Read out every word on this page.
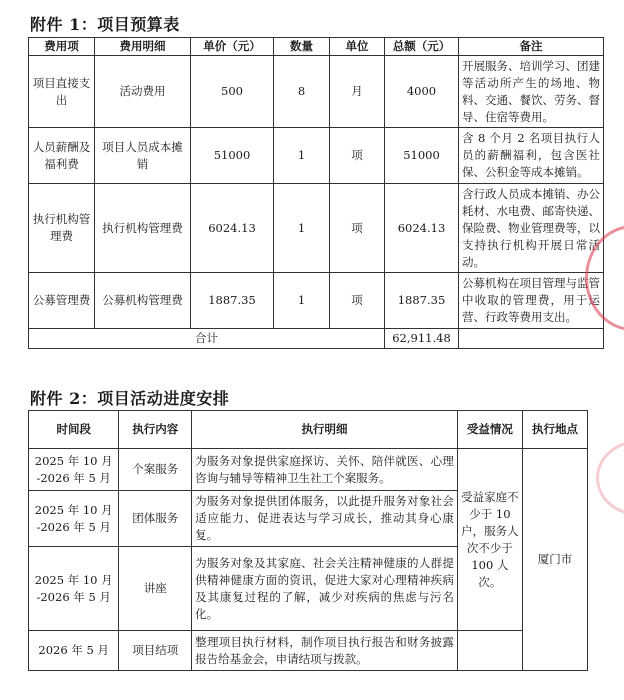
附件 1：项目预算表
费用项	费用明细	单价（元）	数量	单位	总额（元）	备注
项目直接支出	活动费用	500	8	月	4000	开展服务、培训学习、团建等活动所产生的场地、物料、交通、餐饮、劳务、督导、住宿等费用。
人员薪酬及福利费	项目人员成本摊销	51000	1	项	51000	含 8 个月 2 名项目执行人员的薪酬福利，包含医社保、公积金等成本摊销。
执行机构管理费	执行机构管理费	6024.13	1	项	6024.13	含行政人员成本摊销、办公耗材、水电费、邮寄快递、保险费、物业管理费等，以支持执行机构开展日常活动。
公募管理费	公募机构管理费	1887.35	1	项	1887.35	公募机构在项目管理与监管中收取的管理费，用于运营、行政等费用支出。
合计					62,911.48	
附件 2：项目活动进度安排
时间段	执行内容	执行明细	受益情况	执行地点
2025 年 10 月 -2026 年 5 月	个案服务	为服务对象提供家庭探访、关怀、陪伴就医、心理咨询与辅导等精神卫生社工个案服务。	受益家庭不少于 10 户，服务人次不少于 100 人次。	厦门市
2025 年 10 月 -2026 年 5 月	团体服务	为服务对象提供团体服务，以此提升服务对象社会适应能力、促进表达与学习成长，推动其身心康复。		
2025 年 10 月 -2026 年 5 月	讲座	为服务对象及其家庭、社会关注精神健康的人群提供精神健康方面的资讯，促进大家对心理精神疾病及其康复过程的了解，减少对疾病的焦虑与污名化。		
2026 年 5 月	项目结项	整理项目执行材料，制作项目执行报告和财务披露报告给基金会，申请结项与拨款。		
